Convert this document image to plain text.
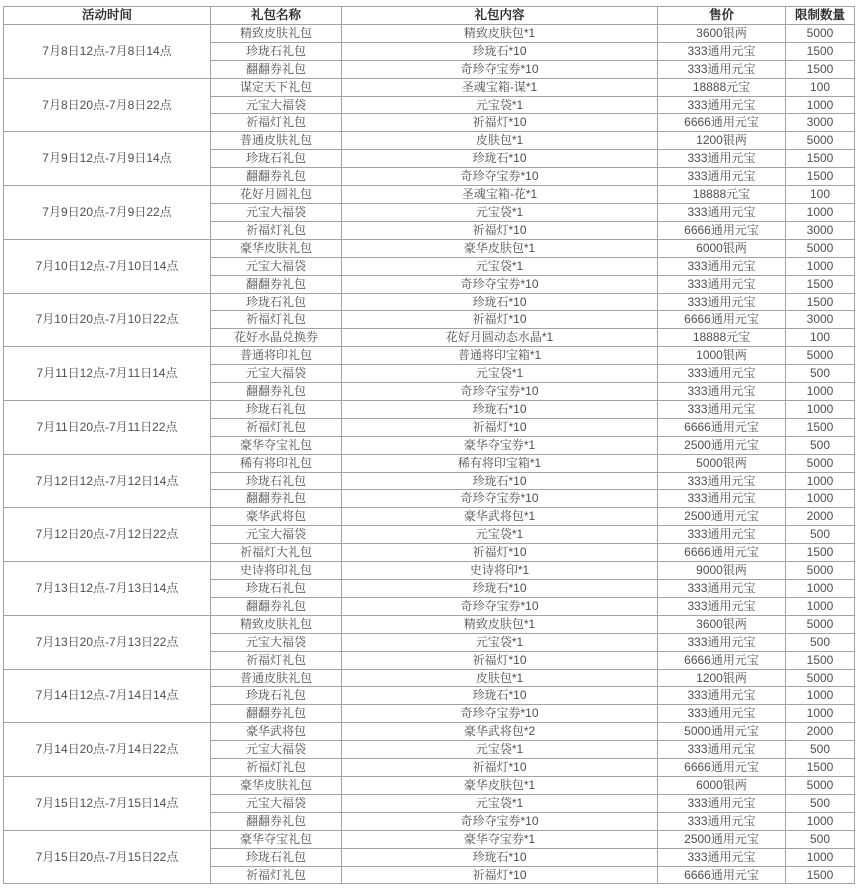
活动时间	礼包名称	礼包内容	售价	限制数量
7月8日12点-7月8日14点	精致皮肤礼包	精致皮肤包*1	3600银两	5000
	珍珑石礼包	珍珑石*10	333通用元宝	1500
	翻翻券礼包	奇珍夺宝券*10	333通用元宝	1500
7月8日20点-7月8日22点	谋定天下礼包	圣魂宝箱-谋*1	18888元宝	100
	元宝大福袋	元宝袋*1	333通用元宝	1000
	祈福灯礼包	祈福灯*10	6666通用元宝	3000
7月9日12点-7月9日14点	普通皮肤礼包	皮肤包*1	1200银两	5000
	珍珑石礼包	珍珑石*10	333通用元宝	1500
	翻翻券礼包	奇珍夺宝券*10	333通用元宝	1500
7月9日20点-7月9日22点	花好月圆礼包	圣魂宝箱-花*1	18888元宝	100
	元宝大福袋	元宝袋*1	333通用元宝	1000
	祈福灯礼包	祈福灯*10	6666通用元宝	3000
7月10日12点-7月10日14点	豪华皮肤礼包	豪华皮肤包*1	6000银两	5000
	元宝大福袋	元宝袋*1	333通用元宝	1000
	翻翻券礼包	奇珍夺宝券*10	333通用元宝	1500
7月10日20点-7月10日22点	珍珑石礼包	珍珑石*10	333通用元宝	1500
	祈福灯礼包	祈福灯*10	6666通用元宝	3000
	花好水晶兑换券	花好月圆动态水晶*1	18888元宝	100
7月11日12点-7月11日14点	普通将印礼包	普通将印宝箱*1	1000银两	5000
	元宝大福袋	元宝袋*1	333通用元宝	500
	翻翻券礼包	奇珍夺宝券*10	333通用元宝	1000
7月11日20点-7月11日22点	珍珑石礼包	珍珑石*10	333通用元宝	1000
	祈福灯礼包	祈福灯*10	6666通用元宝	1500
	豪华夺宝礼包	豪华夺宝券*1	2500通用元宝	500
7月12日12点-7月12日14点	稀有将印礼包	稀有将印宝箱*1	5000银两	5000
	珍珑石礼包	珍珑石*10	333通用元宝	1000
	翻翻券礼包	奇珍夺宝券*10	333通用元宝	1000
7月12日20点-7月12日22点	豪华武将包	豪华武将包*1	2500通用元宝	2000
	元宝大福袋	元宝袋*1	333通用元宝	500
	祈福灯大礼包	祈福灯*10	6666通用元宝	1500
7月13日12点-7月13日14点	史诗将印礼包	史诗将印*1	9000银两	5000
	珍珑石礼包	珍珑石*10	333通用元宝	1000
	翻翻券礼包	奇珍夺宝券*10	333通用元宝	1000
7月13日20点-7月13日22点	精致皮肤礼包	精致皮肤包*1	3600银两	5000
	元宝大福袋	元宝袋*1	333通用元宝	500
	祈福灯礼包	祈福灯*10	6666通用元宝	1500
7月14日12点-7月14日14点	普通皮肤礼包	皮肤包*1	1200银两	5000
	珍珑石礼包	珍珑石*10	333通用元宝	1000
	翻翻券礼包	奇珍夺宝券*10	333通用元宝	1000
7月14日20点-7月14日22点	豪华武将包	豪华武将包*2	5000通用元宝	2000
	元宝大福袋	元宝袋*1	333通用元宝	500
	祈福灯礼包	祈福灯*10	6666通用元宝	1500
7月15日12点-7月15日14点	豪华皮肤礼包	豪华皮肤包*1	6000银两	5000
	元宝大福袋	元宝袋*1	333通用元宝	500
	翻翻券礼包	奇珍夺宝券*10	333通用元宝	1000
7月15日20点-7月15日22点	豪华夺宝礼包	豪华夺宝券*1	2500通用元宝	500
	珍珑石礼包	珍珑石*10	333通用元宝	1000
	祈福灯礼包	祈福灯*10	6666通用元宝	1500
